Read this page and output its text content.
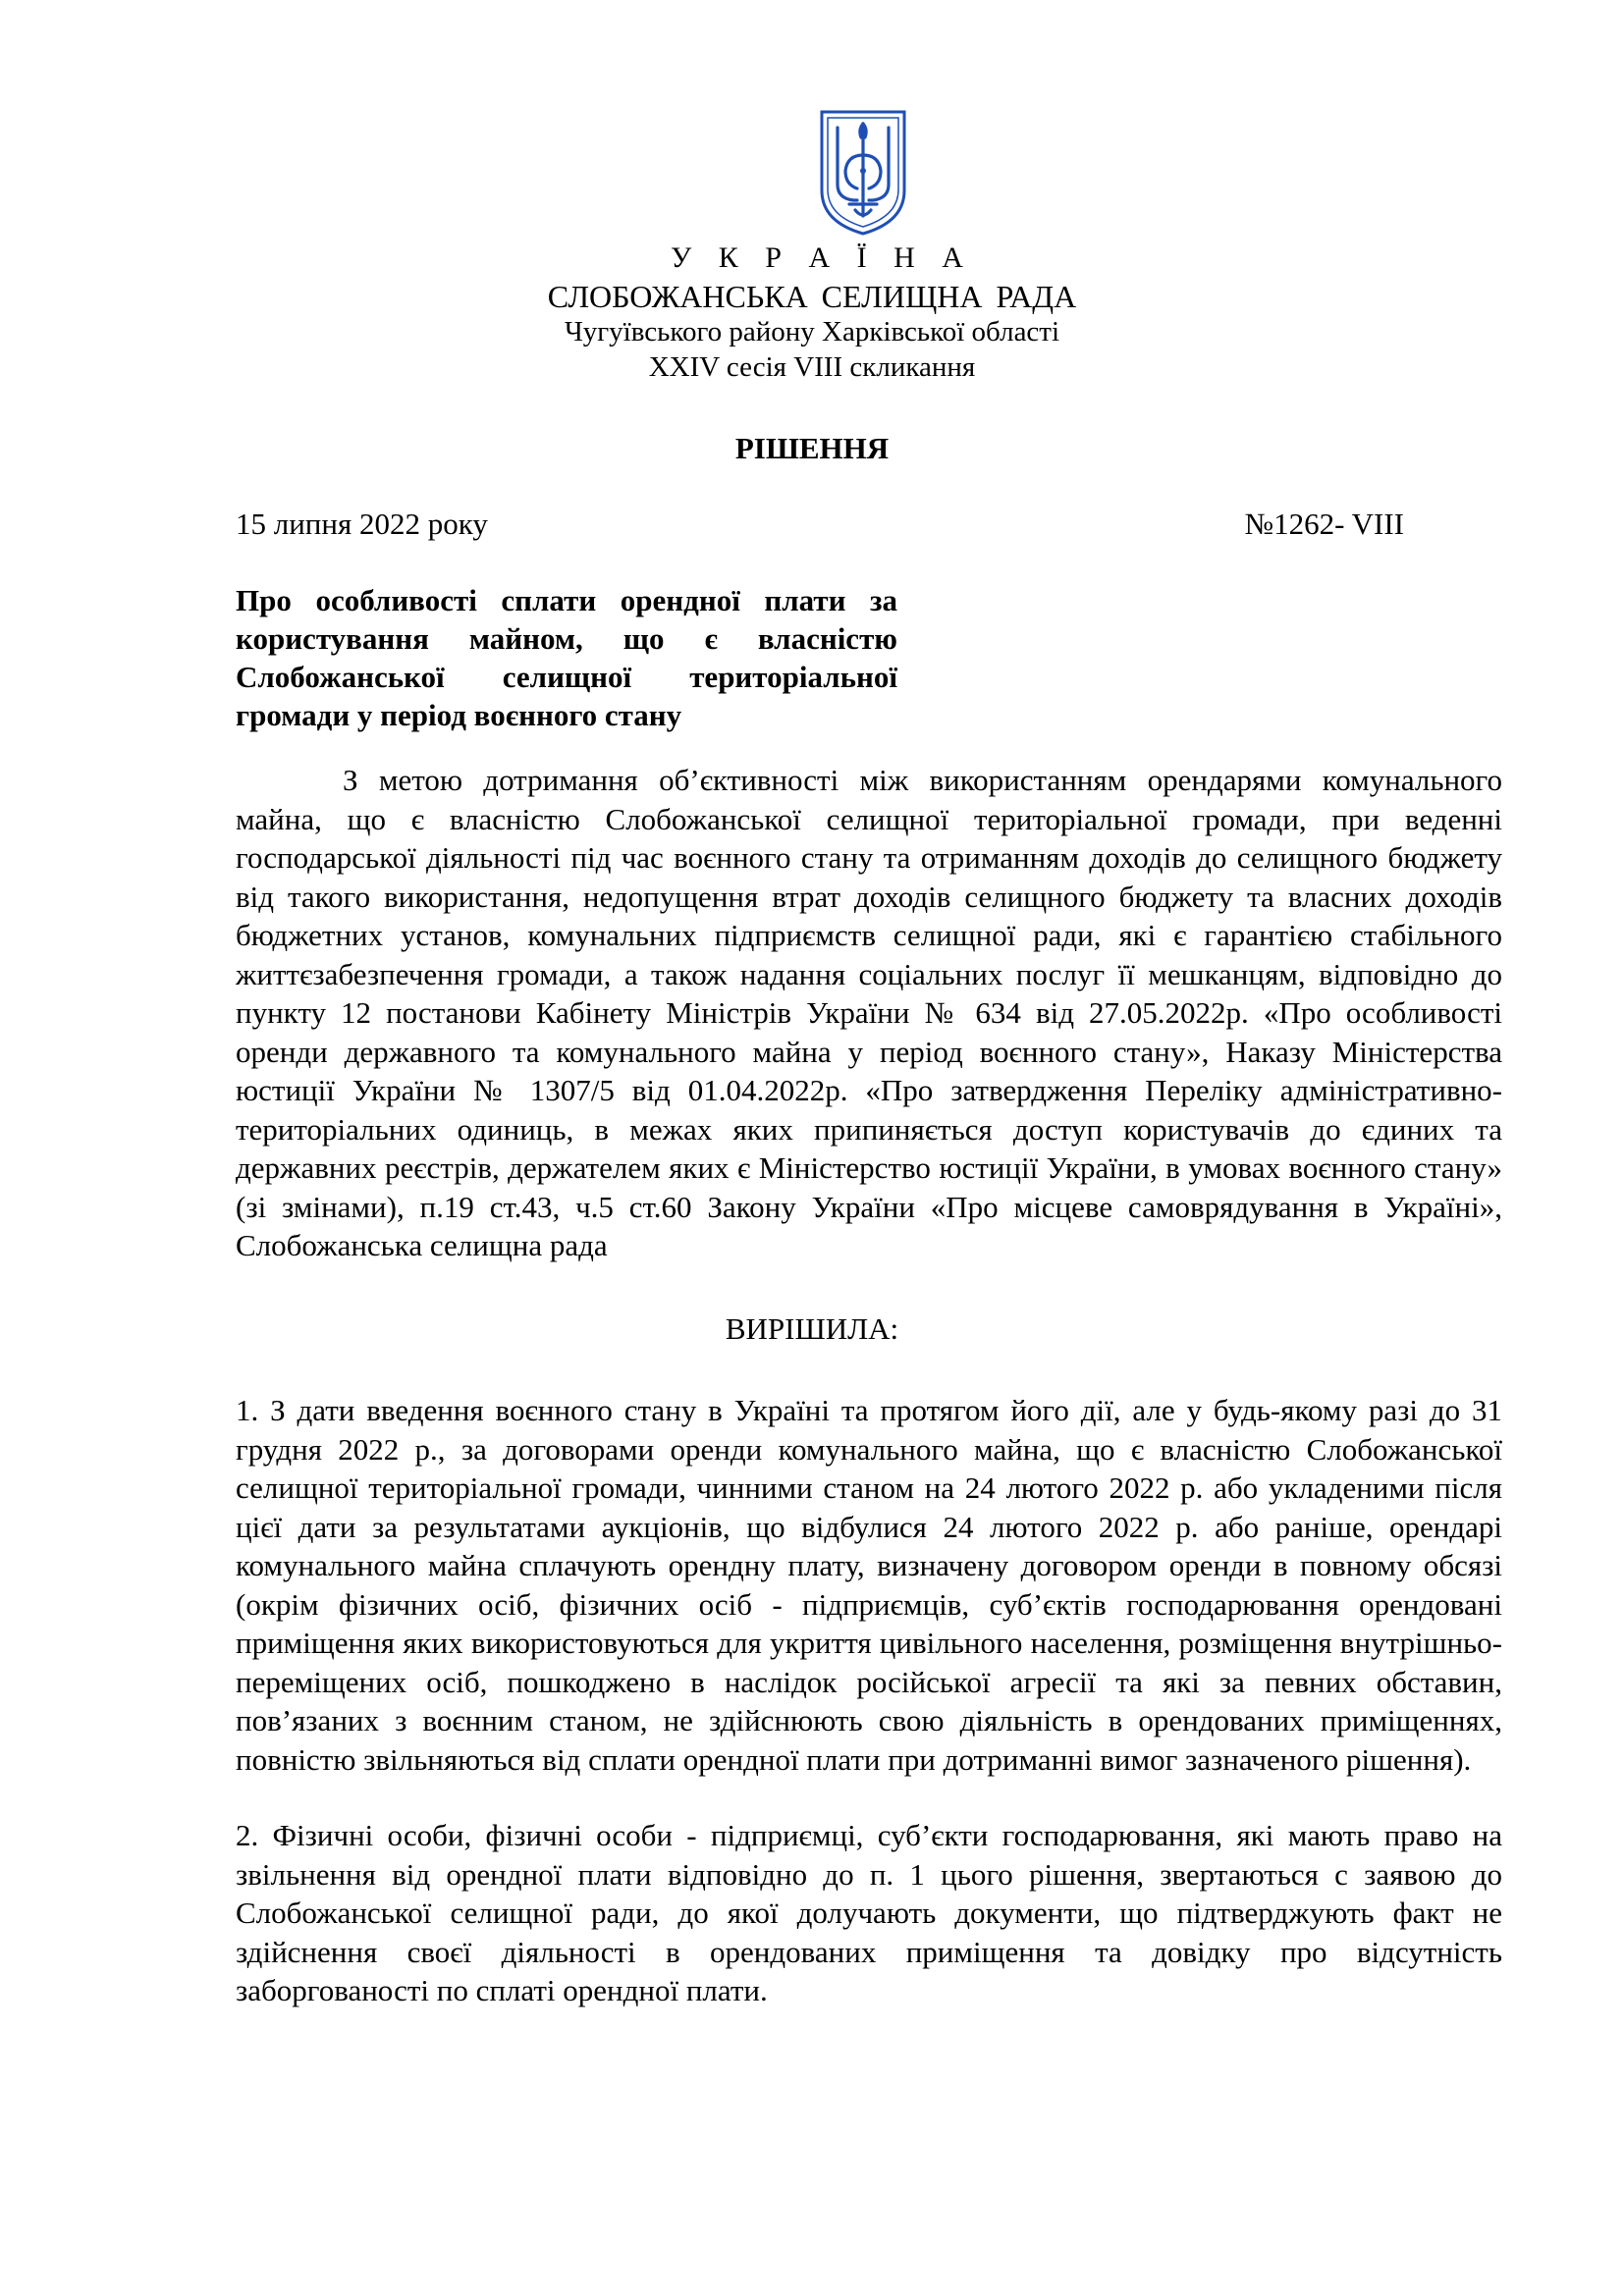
У К Р А Ї Н А
СЛОБОЖАНСЬКА СЕЛИЩНА РАДА
Чугуївського району Харківської області
XXIV сесія VIII скликання
РІШЕННЯ
15 липня 2022 року	№1262- VIII
Про особливості сплати орендної плати за користування майном, що є власністю Слобожанської селищної територіальної громади у період воєнного стану
З метою дотримання об’єктивності між використанням орендарями комунального майна, що є власністю Слобожанської селищної територіальної громади, при веденні господарської діяльності під час воєнного стану та отриманням доходів до селищного бюджету від такого використання, недопущення втрат доходів селищного бюджету та власних доходів бюджетних установ, комунальних підприємств селищної ради, які є гарантією стабільного життєзабезпечення громади, а також надання соціальних послуг її мешканцям, відповідно до пункту 12 постанови Кабінету Міністрів України № 634 від 27.05.2022р. «Про особливості оренди державного та комунального майна у період воєнного стану», Наказу Міністерства юстиції України № 1307/5 від 01.04.2022р. «Про затвердження Переліку адміністративно-територіальних одиниць, в межах яких припиняється доступ користувачів до єдиних та державних реєстрів, держателем яких є Міністерство юстиції України, в умовах воєнного стану» (зі змінами), п.19 ст.43, ч.5 ст.60 Закону України «Про місцеве самоврядування в Україні», Слобожанська селищна рада
ВИРІШИЛА:
1. З дати введення воєнного стану в Україні та протягом його дії, але у будь-якому разі до 31 грудня 2022 р., за договорами оренди комунального майна, що є власністю Слобожанської селищної територіальної громади, чинними станом на 24 лютого 2022 р. або укладеними після цієї дати за результатами аукціонів, що відбулися 24 лютого 2022 р. або раніше, орендарі комунального майна сплачують орендну плату, визначену договором оренди в повному обсязі (окрім фізичних осіб, фізичних осіб - підприємців, суб’єктів господарювання орендовані приміщення яких використовуються для укриття цивільного населення, розміщення внутрішньо-переміщених осіб, пошкоджено в наслідок російської агресії та які за певних обставин, пов’язаних з воєнним станом, не здійснюють свою діяльність в орендованих приміщеннях, повністю звільняються від сплати орендної плати при дотриманні вимог зазначеного рішення).
2. Фізичні особи, фізичні особи - підприємці, суб’єкти господарювання, які мають право на звільнення від орендної плати відповідно до п. 1 цього рішення, звертаються с заявою до Слобожанської селищної ради, до якої долучають документи, що підтверджують факт не здійснення своєї діяльності в орендованих приміщення та довідку про відсутність заборгованості по сплаті орендної плати.
